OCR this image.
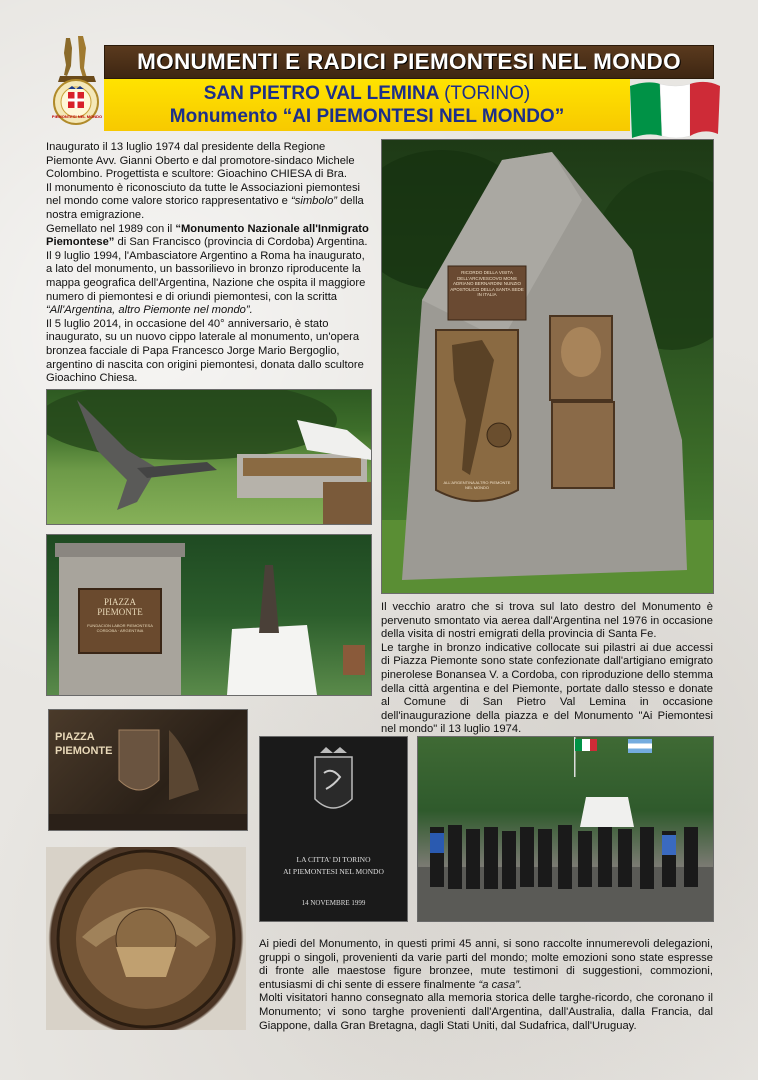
PIEMONTESI NEL MONDO
MONUMENTI E RADICI PIEMONTESI NEL MONDO
SAN PIETRO VAL LEMINA (TORINO)
Monumento “AI PIEMONTESI NEL MONDO”

Inaugurato il 13 luglio 1974 dal presidente della Regione Piemonte Avv. Gianni Oberto e dal promotore-sindaco Michele Colombino. Progettista e scultore: Gioachino CHIESA di Bra.

Il monumento è riconosciuto da tutte le Associazioni piemontesi nel mondo come valore storico rappresentativo e “simbolo” della nostra emigrazione.

Gemellato nel 1989 con il “Monumento Nazionale all'Inmigrato Piemontese” di San Francisco (provincia di Cordoba) Argentina.

Il 9 luglio 1994, l'Ambasciatore Argentino a Roma ha inaugurato, a lato del monumento, un bassorilievo in bronzo riproducente la mappa geografica dell'Argentina, Nazione che ospita il maggiore numero di piemontesi e di oriundi piemontesi, con la scritta “All'Argentina, altro Piemonte nel mondo”.

Il 5 luglio 2014, in occasione del 40° anniversario, è stato inaugurato, su un nuovo cippo laterale al monumento, un'opera bronzea facciale di Papa Francesco Jorge Mario Bergoglio, argentino di nascita con origini piemontesi, donata dallo scultore Gioachino Chiesa.

RICORDO DELLA VISITA DELL'ARCIVESCOVO MONS ADRIANO BERNARDINI NUNZIO APOSTOLICO DELLA SANTA SEDE IN ITALIA
ALL'ARGENTINA ALTRO PIEMONTE NEL MONDO
PIAZZA PIEMONTE
FUNDACION LABOR PIEMONTESA CORDOBA · ARGENTINA

Il vecchio aratro che si trova sul lato destro del Monumento è pervenuto smontato via aerea dall'Argentina nel 1976 in occasione della visita di nostri emigrati della provincia di Santa Fe.

Le targhe in bronzo indicative collocate sui pilastri ai due accessi di Piazza Piemonte sono state confezionate dall'artigiano emigrato pinerolese Bonansea V. a Cordoba, con riproduzione dello stemma della città argentina e del Piemonte, portate dallo stesso e donate al Comune di San Pietro Val Lemina in occasione dell'inaugurazione della piazza e del Monumento "Ai Piemontesi nel mondo" il 13 luglio 1974.

PIAZZA PIEMONTE
LA CITTA' DI TORINO
AI PIEMONTESI NEL MONDO
14 NOVEMBRE 1999

Ai piedi del Monumento, in questi primi 45 anni, si sono raccolte innumerevoli delegazioni, gruppi o singoli, provenienti da varie parti del mondo; molte emozioni sono state espresse di fronte alle maestose figure bronzee, mute testimoni di suggestioni, commozioni, entusiasmi di chi sente di essere finalmente “a casa”.

Molti visitatori hanno consegnato alla memoria storica delle targhe-ricordo, che coronano il Monumento; vi sono targhe provenienti dall'Argentina, dall'Australia, dalla Francia, dal Giappone, dalla Gran Bretagna, dagli Stati Uniti, dal Sudafrica, dall'Uruguay.
